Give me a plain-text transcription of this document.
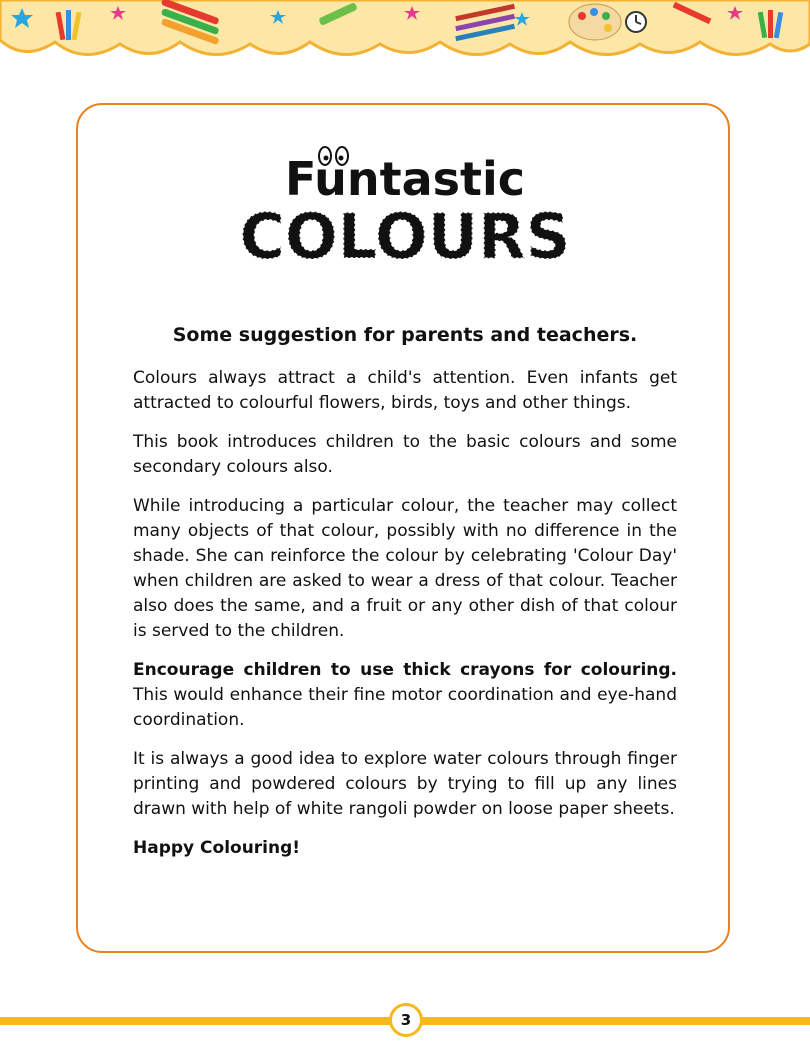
Funtastic
COLOURS
Some suggestion for parents and teachers.

Colours always attract a child's attention. Even infants get attracted to colourful flowers, birds, toys and other things.

This book introduces children to the basic colours and some secondary colours also.

While introducing a particular colour, the teacher may collect many objects of that colour, possibly with no difference in the shade. She can reinforce the colour by celebrating 'Colour Day' when children are asked to wear a dress of that colour. Teacher also does the same, and a fruit or any other dish of that colour is served to the children.

Encourage children to use thick crayons for colouring. This would enhance their fine motor coordination and eye-hand coordination.

It is always a good idea to explore water colours through finger printing and powdered colours by trying to fill up any lines drawn with help of white rangoli powder on loose paper sheets.

Happy Colouring!

3
